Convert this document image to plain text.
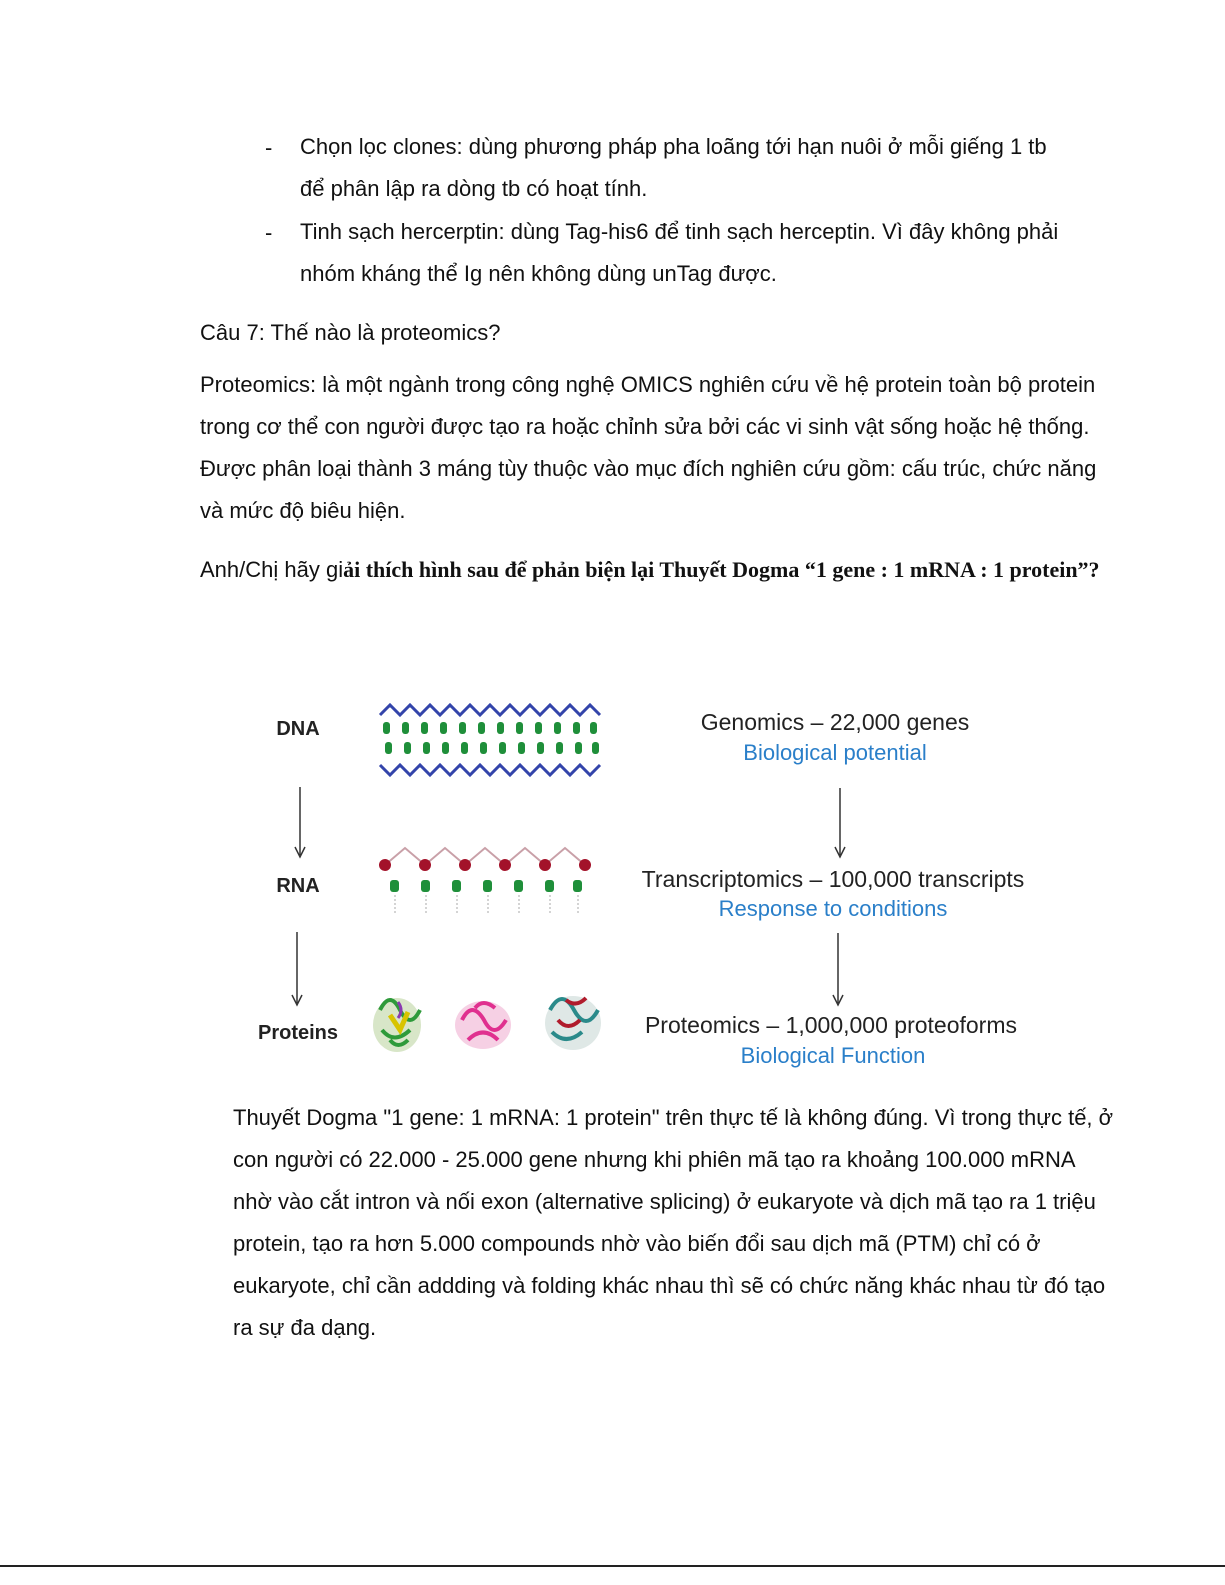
- Chọn lọc clones: dùng phương pháp pha loãng tới hạn nuôi ở mỗi giếng 1 tb để phân lập ra dòng tb có hoạt tính.
- Tinh sạch hercerptin: dùng Tag-his6 để tinh sạch herceptin. Vì đây không phải nhóm kháng thể Ig nên không dùng unTag được.
Câu 7: Thế nào là proteomics?
Proteomics: là một ngành trong công nghệ OMICS nghiên cứu về hệ protein toàn bộ protein trong cơ thể con người được tạo ra hoặc chỉnh sửa bởi các vi sinh vật sống hoặc hệ thống. Được phân loại thành 3 máng tùy thuộc vào mục đích nghiên cứu gồm: cấu trúc, chức năng và mức độ biêu hiện.
Anh/Chị hãy giải thích hình sau để phản biện lại Thuyết Dogma “1 gene : 1 mRNA : 1 protein”?
DNA
RNA
Proteins
Genomics – 22,000 genes
Biological potential
Transcriptomics – 100,000 transcripts
Response to conditions
Proteomics – 1,000,000 proteoforms
Biological Function
Thuyết Dogma "1 gene: 1 mRNA: 1 protein" trên thực tế là không đúng. Vì trong thực tế, ở con người có 22.000 - 25.000 gene nhưng khi phiên mã tạo ra khoảng 100.000 mRNA nhờ vào cắt intron và nối exon (alternative splicing) ở eukaryote và dịch mã tạo ra 1 triệu protein, tạo ra hơn 5.000 compounds nhờ vào biến đổi sau dịch mã (PTM) chỉ có ở eukaryote, chỉ cần addding và folding khác nhau thì sẽ có chức năng khác nhau từ đó tạo ra sự đa dạng.
